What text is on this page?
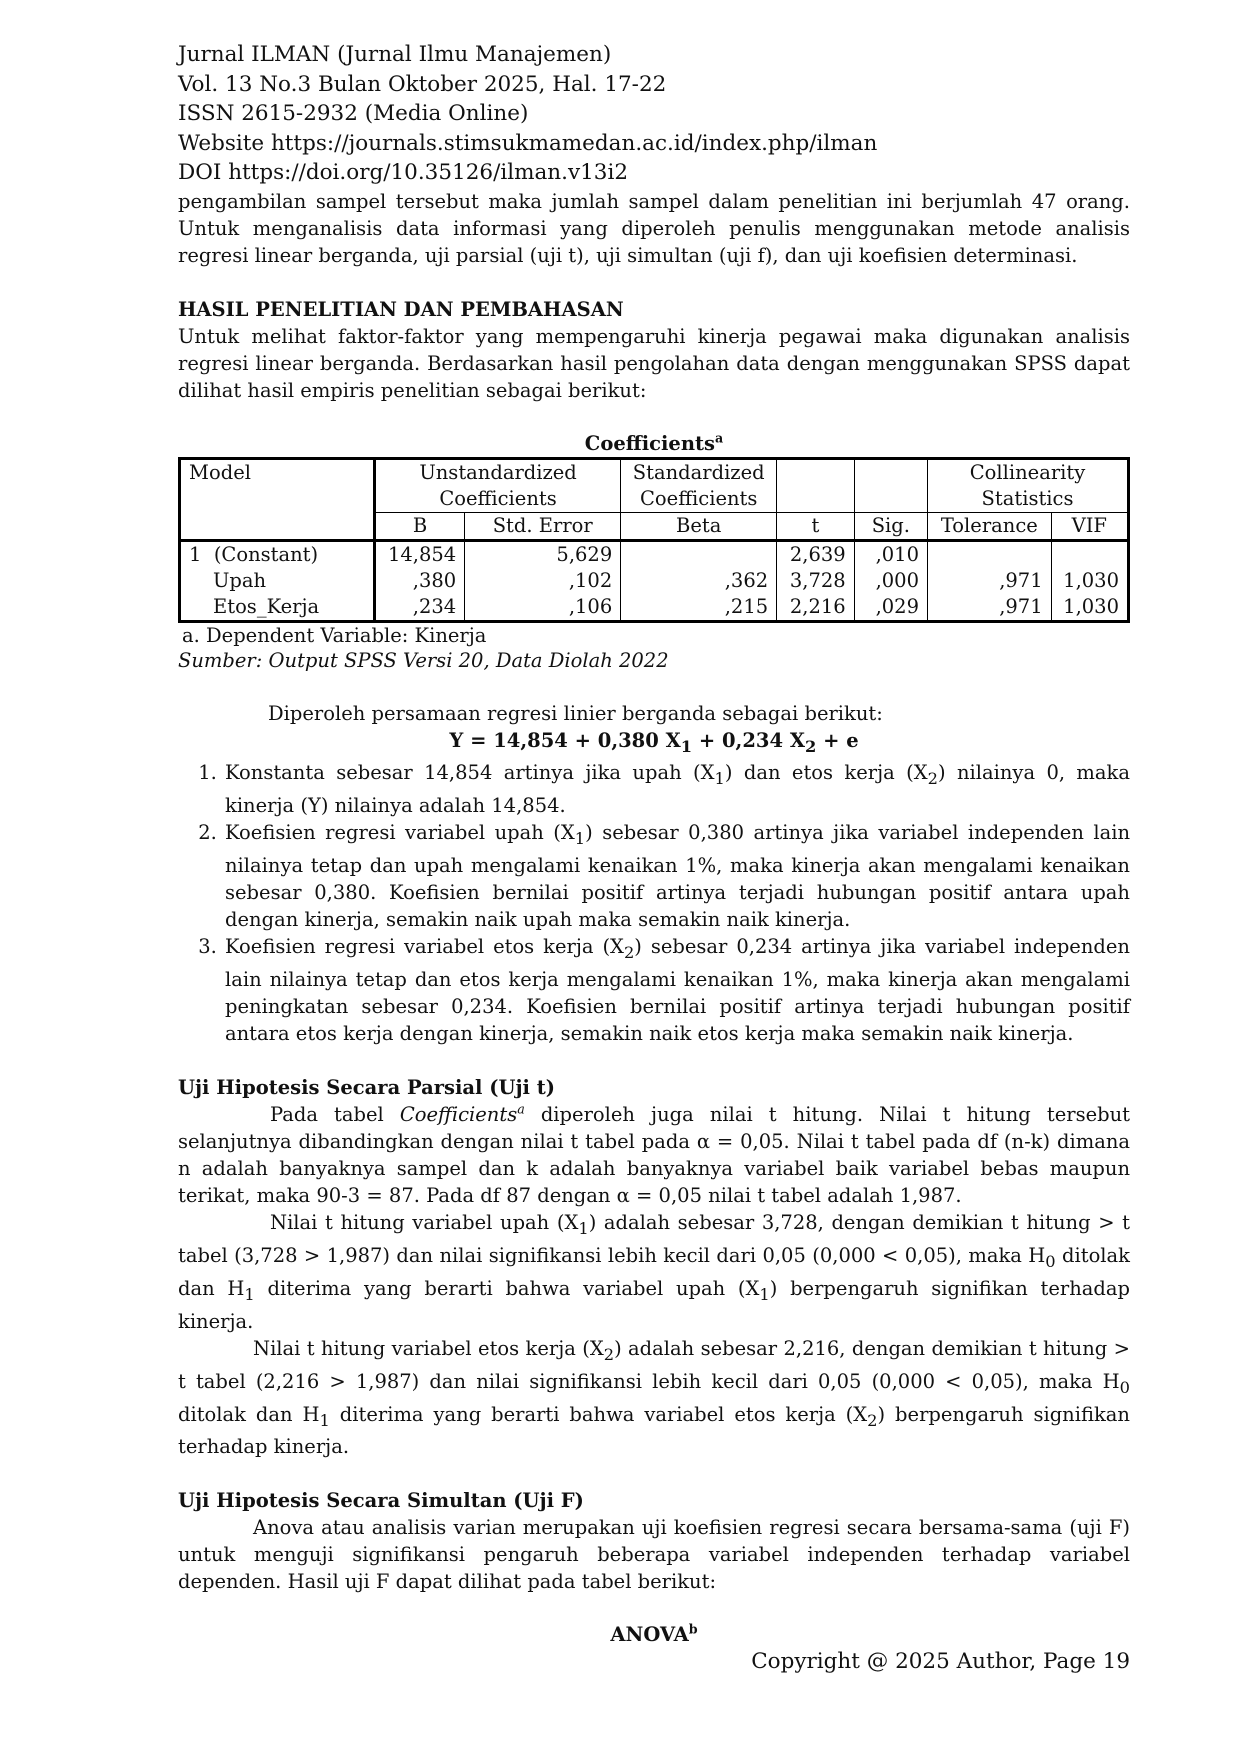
Jurnal ILMAN (Jurnal Ilmu Manajemen)
Vol. 13 No.3 Bulan Oktober 2025, Hal. 17-22
ISSN 2615-2932 (Media Online)
Website https://journals.stimsukmamedan.ac.id/index.php/ilman
DOI https://doi.org/10.35126/ilman.v13i2

pengambilan sampel tersebut maka jumlah sampel dalam penelitian ini berjumlah 47 orang. Untuk menganalisis data informasi yang diperoleh penulis menggunakan metode analisis regresi linear berganda, uji parsial (uji t), uji simultan (uji f), dan uji koefisien determinasi.

HASIL PENELITIAN DAN PEMBAHASAN

Untuk melihat faktor-faktor yang mempengaruhi kinerja pegawai maka digunakan analisis regresi linear berganda. Berdasarkan hasil pengolahan data dengan menggunakan SPSS dapat dilihat hasil empiris penelitian sebagai berikut:

Coefficients$^a$
Model	Unstandardized Coefficients		Standardized Coefficients			Collinearity Statistics	
	B	Std. Error	Beta	t	Sig.	Tolerance	VIF
1 (Constant)	14,854	5,629		2,639	,010		
Upah	,380	,102	,362	3,728	,000	,971	1,030
Etos_Kerja	,234	,106	,215	2,216	,029	,971	1,030
a. Dependent Variable: Kinerja
Sumber: Output SPSS Versi 20, Data Diolah 2022

Diperoleh persamaan regresi linier berganda sebagai berikut:

Y = 14,854 + 0,380 $X_1 + 0,234$ $X_2 + e$
1. Konstanta sebesar 14,854 artinya jika upah $(X_1)$ dan etos kerja $(X_2)$ nilainya 0, maka kinerja (Y) nilainya adalah 14,854.
2. Koefisien regresi variabel upah $(X_1)$ sebesar 0,380 artinya jika variabel independen lain nilainya tetap dan upah mengalami kenaikan 1%, maka kinerja akan mengalami kenaikan sebesar 0,380. Koefisien bernilai positif artinya terjadi hubungan positif antara upah dengan kinerja, semakin naik upah maka semakin naik kinerja.
3. Koefisien regresi variabel etos kerja $(X_2)$ sebesar 0,234 artinya jika variabel independen lain nilainya tetap dan etos kerja mengalami kenaikan 1%, maka kinerja akan mengalami peningkatan sebesar 0,234. Koefisien bernilai positif artinya terjadi hubungan positif antara etos kerja dengan kinerja, semakin naik etos kerja maka semakin naik kinerja.
Uji Hipotesis Secara Parsial (Uji t)

Pada tabel Coefficients$^a$ diperoleh juga nilai t hitung. Nilai t hitung tersebut selanjutnya dibandingkan dengan nilai t tabel pada α = 0,05. Nilai t tabel pada df (n-k) dimana n adalah banyaknya sampel dan k adalah banyaknya variabel baik variabel bebas maupun terikat, maka 90-3 = 87. Pada df 87 dengan α = 0,05 nilai t tabel adalah 1,987.

Nilai t hitung variabel upah $(X_1)$ adalah sebesar 3,728, dengan demikian t hitung > t tabel (3,728 > 1,987) dan nilai signifikansi lebih kecil dari 0,05 (0,000 < 0,05), maka $H_0$ ditolak dan $H_1$ diterima yang berarti bahwa variabel upah $(X_1)$ berpengaruh signifikan terhadap kinerja.

Nilai t hitung variabel etos kerja $(X_2)$ adalah sebesar 2,216, dengan demikian t hitung > t tabel (2,216 > 1,987) dan nilai signifikansi lebih kecil dari 0,05 (0,000 < 0,05), maka $H_0$ ditolak dan $H_1$ diterima yang berarti bahwa variabel etos kerja $(X_2)$ berpengaruh signifikan terhadap kinerja.

Uji Hipotesis Secara Simultan (Uji F)

Anova atau analisis varian merupakan uji koefisien regresi secara bersama-sama (uji F) untuk menguji signifikansi pengaruh beberapa variabel independen terhadap variabel dependen. Hasil uji F dapat dilihat pada tabel berikut:

ANOVA$^b$
Copyright @ 2025 Author, Page 19
